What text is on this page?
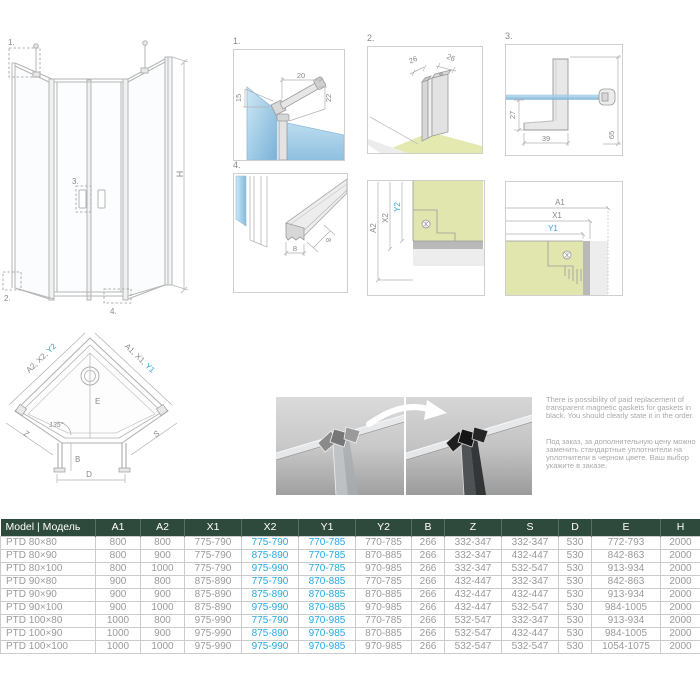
1.
2.
3.
4.
H
1.
20
15	22
2.
26	26
3.
27
39	65
4.
8
8
A2
X2
Y2	A1
X1
Y1
A2, X2, Y2	A1, X1, Y1
E
135°
Z	S
B
D

There is possibility of paid replacement of transparent magnetic gaskets for gaskets in black. You should clearly state it in the order.

Под заказ, за дополнительную цену можно заменить стандартные уплотнители на уплотнители в черном цвете. Ваш выбор укажите в заказе.

Model | Модель	A1	A2	X1	X2	Y1	Y2	B	Z	S	D	E	H
PTD 80×80	800	800	775-790	775-790	770-785	770-785	266	332-347	332-347	530	772-793	2000
PTD 80×90	800	900	775-790	875-890	770-785	870-885	266	332-347	432-447	530	842-863	2000
PTD 80×100	800	1000	775-790	975-990	770-785	970-985	266	332-347	532-547	530	913-934	2000
PTD 90×80	900	800	875-890	775-790	870-885	770-785	266	432-447	332-347	530	842-863	2000
PTD 90×90	900	900	875-890	875-890	870-885	870-885	266	432-447	432-447	530	913-934	2000
PTD 90×100	900	1000	875-890	975-990	870-885	970-985	266	432-447	532-547	530	984-1005	2000
PTD 100×80	1000	800	975-990	775-790	970-985	770-785	266	532-547	332-347	530	913-934	2000
PTD 100×90	1000	900	975-990	875-890	970-985	870-885	266	532-547	432-447	530	984-1005	2000
PTD 100×100	1000	1000	975-990	975-990	970-985	970-985	266	532-547	532-547	530	1054-1075	2000
